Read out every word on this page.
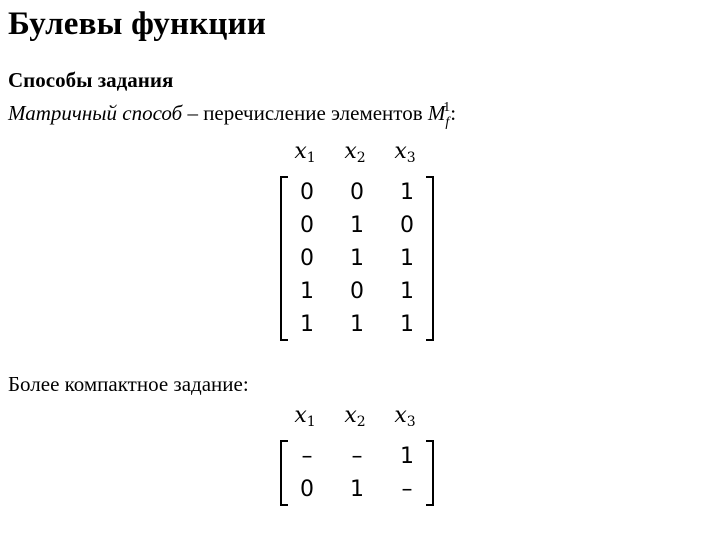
Булевы функции
Способы задания
Матричный способ – перечисление элементов $M_f^1$:
$x_1$	$x_2$	$x_3$
0	0	1
0	1	0
0	1	1
1	0	1
1	1	1
Более компактное задание:
$x_1$	$x_2$	$x_3$
–	–	1
0	1	–
